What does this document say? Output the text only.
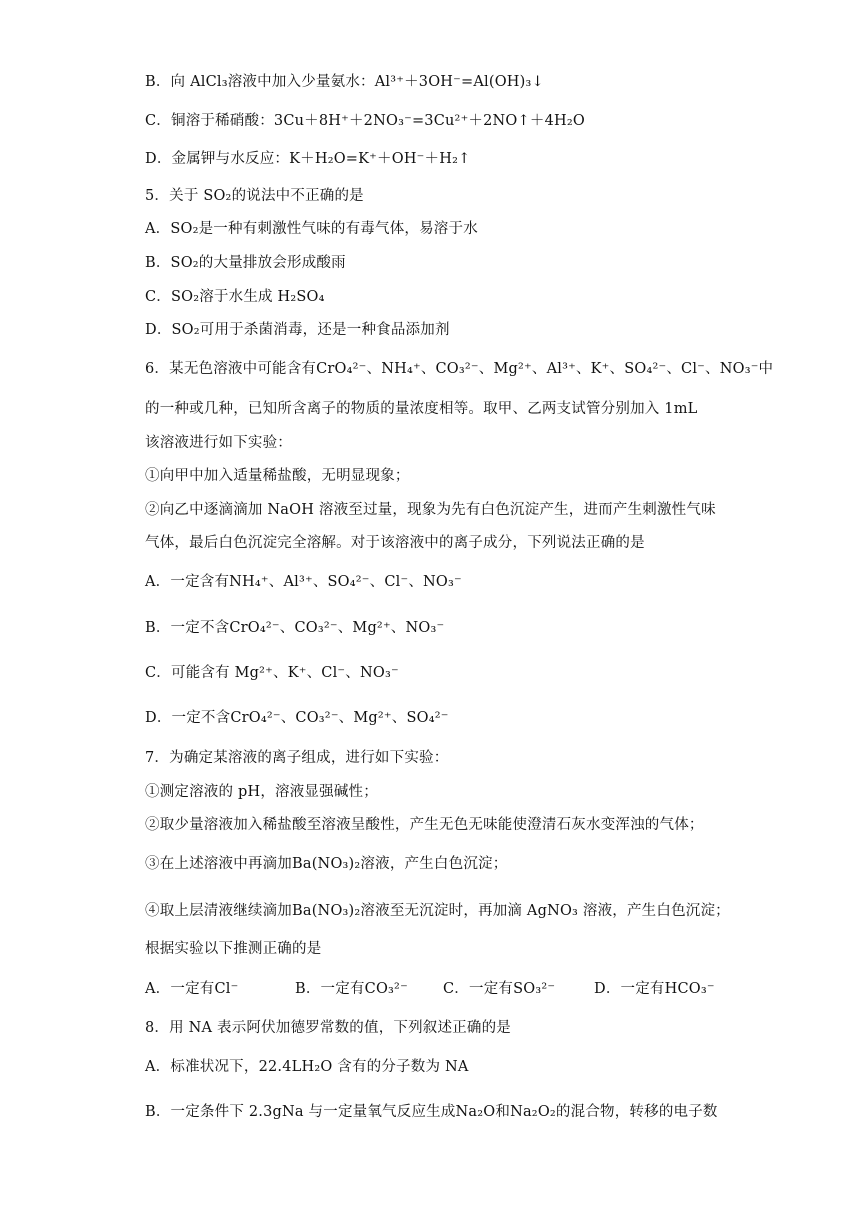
B．向 AlCl₃溶液中加入少量氨水：Al³⁺＋3OH⁻=Al(OH)₃↓
C．铜溶于稀硝酸：3Cu＋8H⁺＋2NO₃⁻=3Cu²⁺＋2NO↑＋4H₂O
D．金属钾与水反应：K＋H₂O=K⁺＋OH⁻＋H₂↑
5．关于 SO₂的说法中不正确的是
A．SO₂是一种有刺激性气味的有毒气体，易溶于水
B．SO₂的大量排放会形成酸雨
C．SO₂溶于水生成 H₂SO₄
D．SO₂可用于杀菌消毒，还是一种食品添加剂
6．某无色溶液中可能含有CrO₄²⁻、NH₄⁺、CO₃²⁻、Mg²⁺、Al³⁺、K⁺、SO₄²⁻、Cl⁻、NO₃⁻中
的一种或几种，已知所含离子的物质的量浓度相等。取甲、乙两支试管分别加入 1mL
该溶液进行如下实验：
①向甲中加入适量稀盐酸，无明显现象；
②向乙中逐滴滴加 NaOH 溶液至过量，现象为先有白色沉淀产生，进而产生刺激性气味
气体，最后白色沉淀完全溶解。对于该溶液中的离子成分，下列说法正确的是
A．一定含有NH₄⁺、Al³⁺、SO₄²⁻、Cl⁻、NO₃⁻
B．一定不含CrO₄²⁻、CO₃²⁻、Mg²⁺、NO₃⁻
C．可能含有 Mg²⁺、K⁺、Cl⁻、NO₃⁻
D．一定不含CrO₄²⁻、CO₃²⁻、Mg²⁺、SO₄²⁻
7．为确定某溶液的离子组成，进行如下实验：
①测定溶液的 pH，溶液显强碱性；
②取少量溶液加入稀盐酸至溶液呈酸性，产生无色无味能使澄清石灰水变浑浊的气体；
③在上述溶液中再滴加Ba(NO₃)₂溶液，产生白色沉淀；
④取上层清液继续滴加Ba(NO₃)₂溶液至无沉淀时，再加滴 AgNO₃ 溶液，产生白色沉淀；
根据实验以下推测正确的是
A．一定有Cl⁻	B．一定有CO₃²⁻ C．一定有SO₃²⁻	D．一定有HCO₃⁻
8．用 NA 表示阿伏加德罗常数的值，下列叙述正确的是
A．标准状况下，22.4LH₂O 含有的分子数为 NA
B．一定条件下 2.3gNa 与一定量氧气反应生成Na₂O和Na₂O₂的混合物，转移的电子数
